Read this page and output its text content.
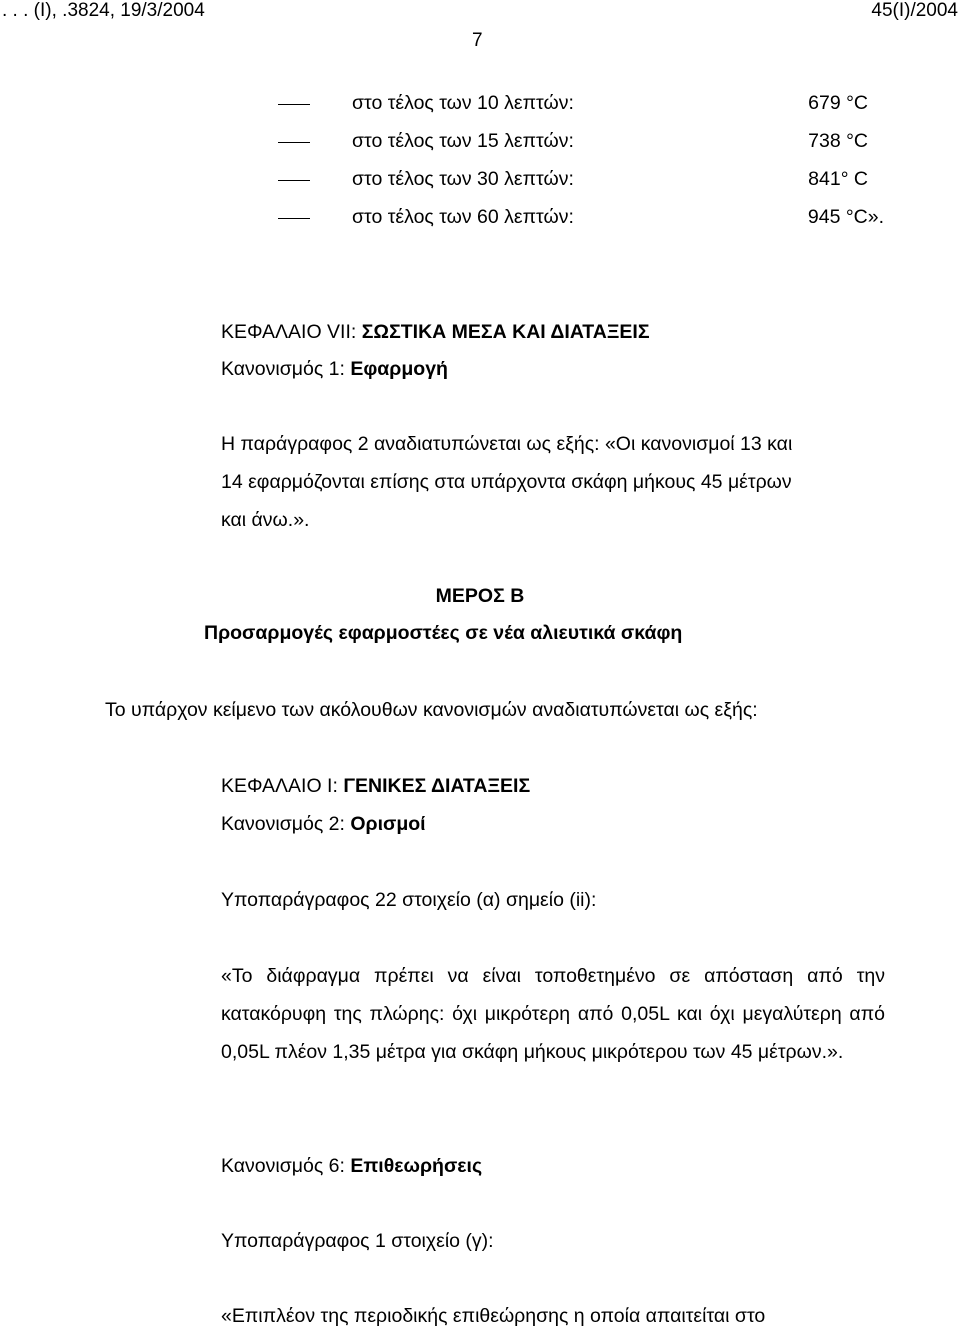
. . . (Ι), .3824, 19/3/2004	45(Ι)/2004
7
στο τέλος των 10 λεπτών:	679 °C
στο τέλος των 15 λεπτών:	738 °C
στο τέλος των 30 λεπτών:	841° C
στο τέλος των 60 λεπτών:	945 °C».
ΚΕΦΑΛΑΙΟ VII: ΣΩΣΤΙΚΑ ΜΕΣΑ ΚΑΙ ΔΙΑΤΑΞΕΙΣ
Κανονισμός 1: Εφαρμογή
Η παράγραφος 2 αναδιατυπώνεται ως εξής: «Οι κανονισμοί 13 και
14 εφαρμόζονται επίσης στα υπάρχοντα σκάφη μήκους 45 μέτρων
και άνω.».
ΜΕΡΟΣ Β
Προσαρμογές εφαρμοστέες σε νέα αλιευτικά σκάφη
Το υπάρχον κείμενο των ακόλουθων κανονισμών αναδιατυπώνεται ως εξής:
ΚΕΦΑΛΑΙΟ Ι: ΓΕΝΙΚΕΣ ΔΙΑΤΑΞΕΙΣ
Κανονισμός 2: Ορισμοί
Υποπαράγραφος 22 στοιχείο (α) σημείο (ii):
«Το διάφραγμα πρέπει να είναι τοποθετημένο σε απόσταση από την κατακόρυφη της πλώρης: όχι μικρότερη από 0,05L και όχι μεγαλύτερη από 0,05L πλέον 1,35 μέτρα για σκάφη μήκους μικρότερου των 45 μέτρων.».
Κανονισμός 6: Επιθεωρήσεις
Υποπαράγραφος 1 στοιχείο (γ):
«Επιπλέον της περιοδικής επιθεώρησης η οποία απαιτείται στο
